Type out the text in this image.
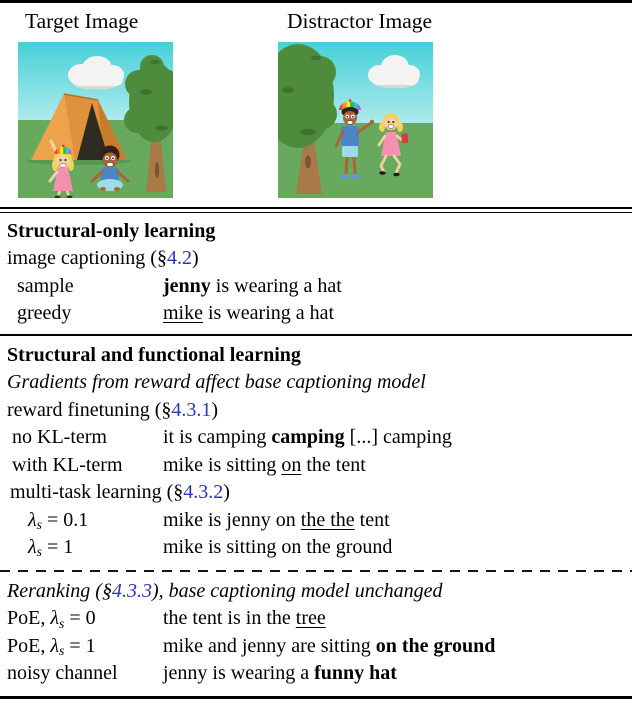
Target Image	Distractor Image
Structural-only learning
image captioning (§4.2)
sample	jenny is wearing a hat
greedy	mike is wearing a hat
Structural and functional learning
Gradients from reward affect base captioning model
reward finetuning (§4.3.1)
no KL-term	it is camping camping [...] camping
with KL-term	mike is sitting on the tent
multi-task learning (§4.3.2)
λs = 0.1	mike is jenny on the the tent
λs = 1	mike is sitting on the ground
Reranking (§4.3.3), base captioning model unchanged
PoE, λs = 0	the tent is in the tree
PoE, λs = 1	mike and jenny are sitting on the ground
noisy channel	jenny is wearing a funny hat
